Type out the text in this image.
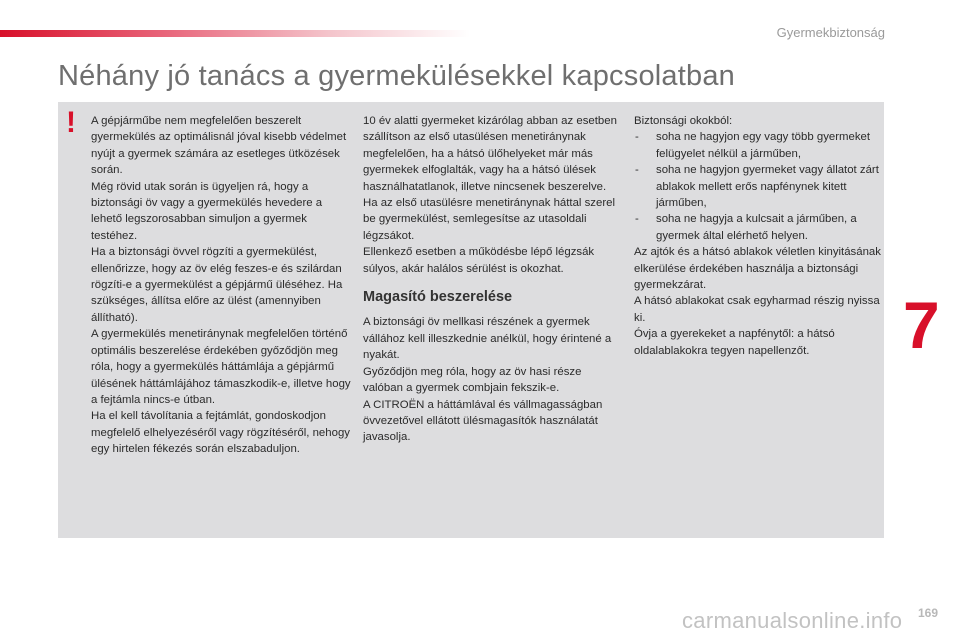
Gyermekbiztonság
Néhány jó tanács a gyermekülésekkel kapcsolatban
! A gépjárműbe nem megfelelően beszerelt gyermekülés az optimálisnál jóval kisebb védelmet nyújt a gyermek számára az esetleges ütközések során.

Még rövid utak során is ügyeljen rá, hogy a biztonsági öv vagy a gyermekülés hevedere a lehető legszorosabban simuljon a gyermek testéhez.

Ha a biztonsági övvel rögzíti a gyermekülést, ellenőrizze, hogy az öv elég feszes-e és szilárdan rögzíti-e a gyermekülést a gépjármű üléséhez. Ha szükséges, állítsa előre az ülést (amennyiben állítható).

A gyermekülés menetiránynak megfelelően történő optimális beszerelése érdekében győződjön meg róla, hogy a gyermekülés háttámlája a gépjármű ülésének háttámlájához támaszkodik-e, illetve hogy a fejtámla nincs-e útban.

Ha el kell távolítania a fejtámlát, gondoskodjon megfelelő elhelyezéséről vagy rögzítéséről, nehogy egy hirtelen fékezés során elszabaduljon.

10 év alatti gyermeket kizárólag abban az esetben szállítson az első utasülésen menetiránynak megfelelően, ha a hátsó ülőhelyeket már más gyermekek elfoglalták, vagy ha a hátsó ülések használhatatlanok, illetve nincsenek beszerelve.

Ha az első utasülésre menetiránynak háttal szerel be gyermekülést, semlegesítse az utasoldali légzsákot.

Ellenkező esetben a működésbe lépő légzsák súlyos, akár halálos sérülést is okozhat.

Magasító beszerelése

A biztonsági öv mellkasi részének a gyermek vállához kell illeszkednie anélkül, hogy érintené a nyakát.

Győződjön meg róla, hogy az öv hasi része valóban a gyermek combjain fekszik-e.

A CITROËN a háttámlával és vállmagasságban övvezetővel ellátott ülésmagasítók használatát javasolja.

Biztonsági okokból:

- soha ne hagyjon egy vagy több gyermeket felügyelet nélkül a járműben,
- soha ne hagyjon gyermeket vagy állatot zárt ablakok mellett erős napfénynek kitett járműben,
- soha ne hagyja a kulcsait a járműben, a gyermek által elérhető helyen.

Az ajtók és a hátsó ablakok véletlen kinyitásának elkerülése érdekében használja a biztonsági gyermekzárat.

A hátsó ablakokat csak egyharmad részig nyissa ki.

Óvja a gyerekeket a napfénytől: a hátsó oldalablakokra tegyen napellenzőt.	7
169
carmanualsonline.info
